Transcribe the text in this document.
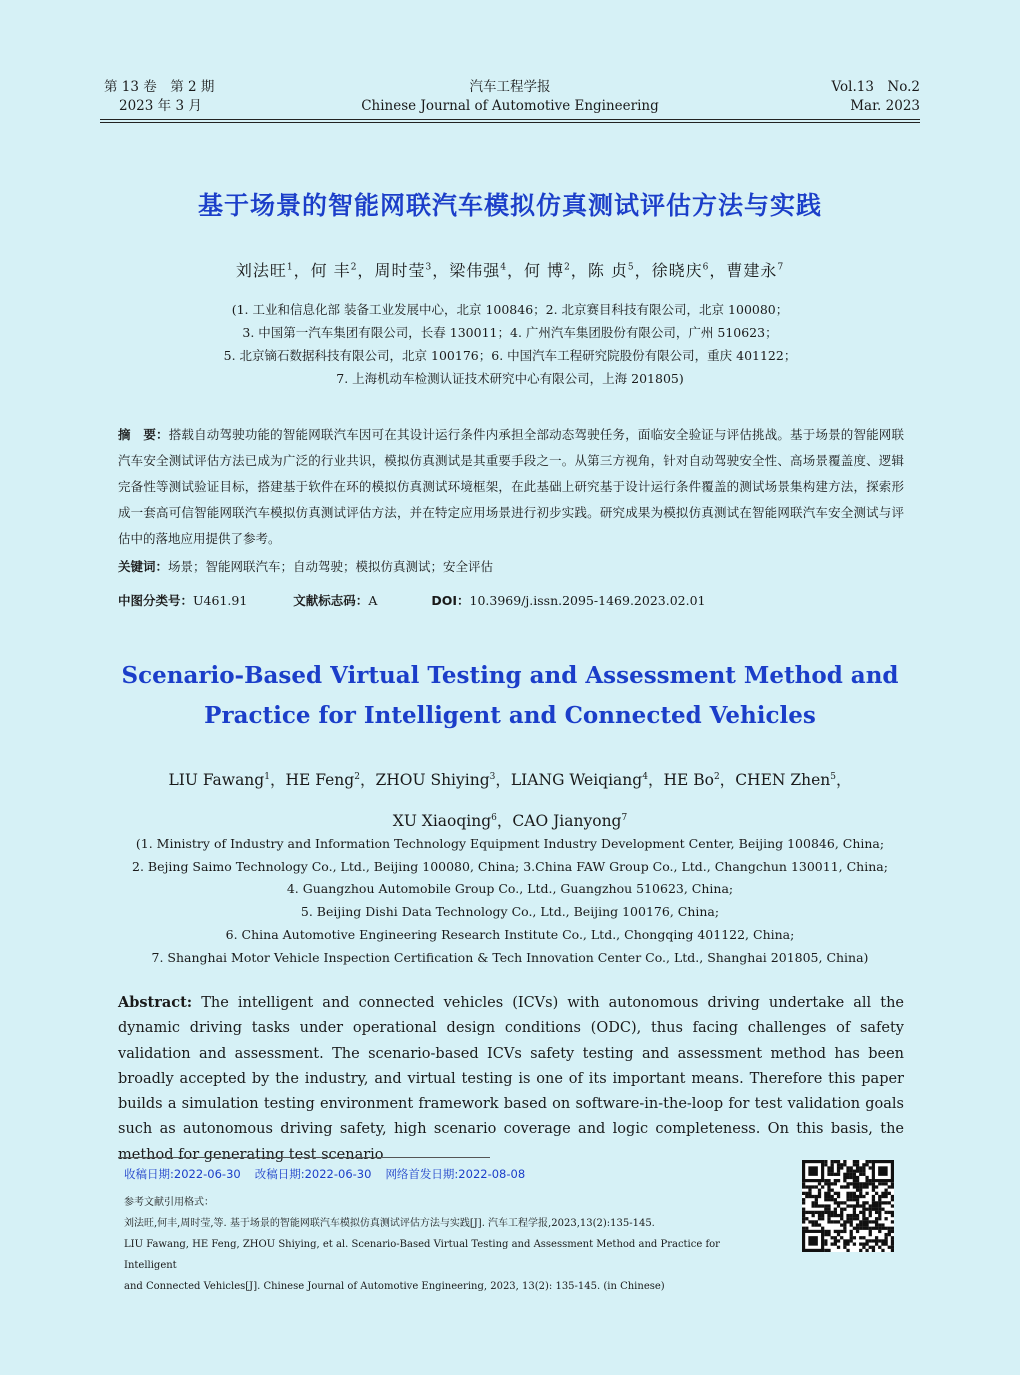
第 13 卷　第 2 期
2023 年 3 月
汽车工程学报
Chinese Journal of Automotive Engineering
Vol.13　No.2
Mar. 2023
基于场景的智能网联汽车模拟仿真测试评估方法与实践
刘法旺$^1$，何 丰$^2$，周时莹$^3$，梁伟强$^4$，何 博$^2$，陈 贞$^5$，徐晓庆$^6$，曹建永$^7$
(1. 工业和信息化部 装备工业发展中心，北京 100846；2. 北京赛目科技有限公司，北京 100080；
3. 中国第一汽车集团有限公司，长春 130011；4. 广州汽车集团股份有限公司，广州 510623；
5. 北京镝石数据科技有限公司，北京 100176；6. 中国汽车工程研究院股份有限公司，重庆 401122；
7. 上海机动车检测认证技术研究中心有限公司，上海 201805)
摘　要：搭载自动驾驶功能的智能网联汽车因可在其设计运行条件内承担全部动态驾驶任务，面临安全验证与评估挑战。基于场景的智能网联汽车安全测试评估方法已成为广泛的行业共识，模拟仿真测试是其重要手段之一。从第三方视角，针对自动驾驶安全性、高场景覆盖度、逻辑完备性等测试验证目标，搭建基于软件在环的模拟仿真测试环境框架，在此基础上研究基于设计运行条件覆盖的测试场景集构建方法，探索形成一套高可信智能网联汽车模拟仿真测试评估方法，并在特定应用场景进行初步实践。研究成果为模拟仿真测试在智能网联汽车安全测试与评估中的落地应用提供了参考。
关键词：场景；智能网联汽车；自动驾驶；模拟仿真测试；安全评估
中图分类号：U461.91	文献标志码：A	DOI：10.3969/j.issn.2095-1469.2023.02.01
Scenario-Based Virtual Testing and Assessment Method and
Practice for Intelligent and Connected Vehicles
LIU Fawang$^1$，HE Feng$^2$，ZHOU Shiying$^3$，LIANG Weiqiang$^4$，HE Bo$^2$，CHEN Zhen$^5$，
XU Xiaoqing$^6$，CAO Jianyong$^7$
(1. Ministry of Industry and Information Technology Equipment Industry Development Center, Beijing 100846, China;
2. Bejing Saimo Technology Co., Ltd., Beijing 100080, China; 3.China FAW Group Co., Ltd., Changchun 130011, China;
4. Guangzhou Automobile Group Co., Ltd., Guangzhou 510623, China;
5. Beijing Dishi Data Technology Co., Ltd., Beijing 100176, China;
6. China Automotive Engineering Research Institute Co., Ltd., Chongqing 401122, China;
7. Shanghai Motor Vehicle Inspection Certification & Tech Innovation Center Co., Ltd., Shanghai 201805, China)
Abstract: The intelligent and connected vehicles (ICVs) with autonomous driving undertake all the dynamic driving tasks under operational design conditions (ODC), thus facing challenges of safety validation and assessment. The scenario-based ICVs safety testing and assessment method has been broadly accepted by the industry, and virtual testing is one of its important means. Therefore this paper builds a simulation testing environment framework based on software-in-the-loop for test validation goals such as autonomous driving safety, high scenario coverage and logic completeness. On this basis, the method for generating test scenario
收稿日期:2022-06-30 改稿日期:2022-06-30 网络首发日期:2022-08-08
参考文献引用格式：
刘法旺,何丰,周时莹,等. 基于场景的智能网联汽车模拟仿真测试评估方法与实践[J]. 汽车工程学报,2023,13(2):135-145.
LIU Fawang, HE Feng, ZHOU Shiying, et al. Scenario-Based Virtual Testing and Assessment Method and Practice for Intelligent
and Connected Vehicles[J]. Chinese Journal of Automotive Engineering, 2023, 13(2): 135-145. (in Chinese)
